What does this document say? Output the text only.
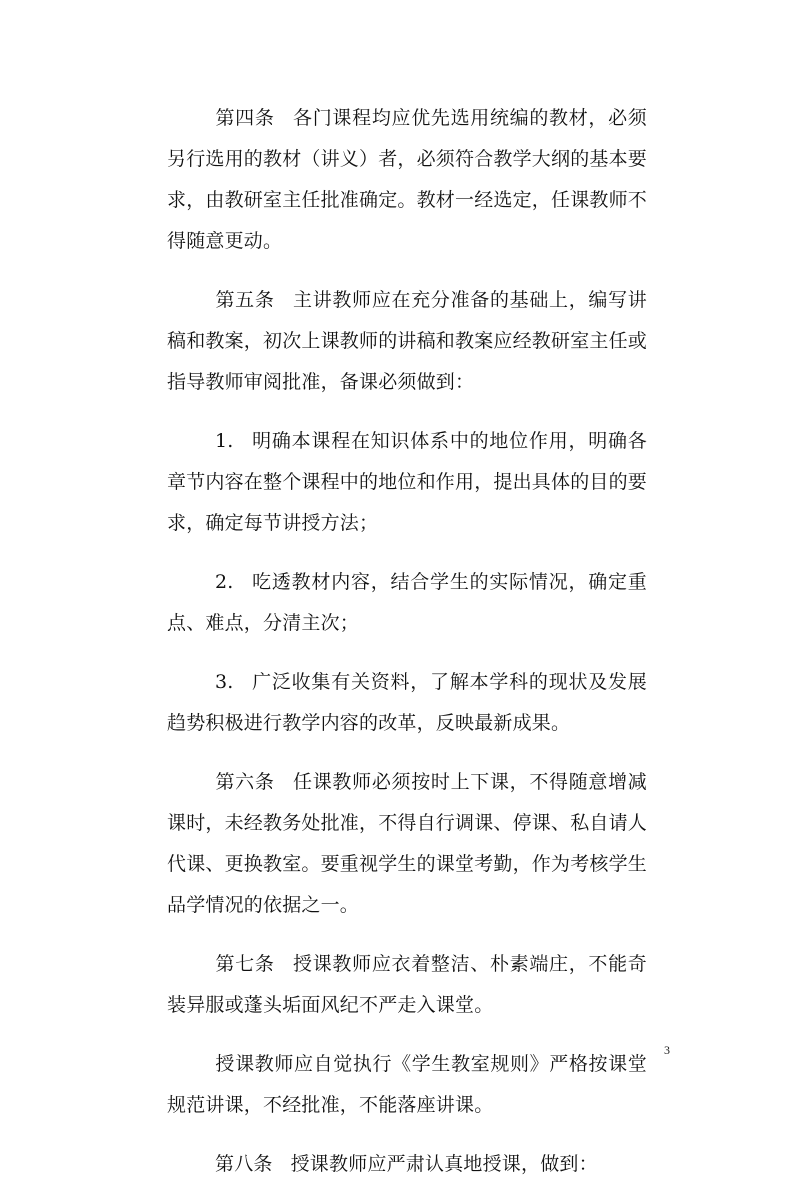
第四条 各门课程均应优先选用统编的教材，必须另行选用的教材（讲义）者，必须符合教学大纲的基本要求，由教研室主任批准确定。教材一经选定，任课教师不得随意更动。

第五条 主讲教师应在充分准备的基础上，编写讲稿和教案，初次上课教师的讲稿和教案应经教研室主任或指导教师审阅批准，备课必须做到：

1. 明确本课程在知识体系中的地位作用，明确各章节内容在整个课程中的地位和作用，提出具体的目的要求，确定每节讲授方法；

2. 吃透教材内容，结合学生的实际情况，确定重点、难点，分清主次；

3. 广泛收集有关资料，了解本学科的现状及发展趋势积极进行教学内容的改革，反映最新成果。

第六条 任课教师必须按时上下课，不得随意增减课时，未经教务处批准，不得自行调课、停课、私自请人代课、更换教室。要重视学生的课堂考勤，作为考核学生品学情况的依据之一。

第七条 授课教师应衣着整洁、朴素端庄，不能奇装异服或蓬头垢面风纪不严走入课堂。

授课教师应自觉执行《学生教室规则》严格按课堂规范讲课，不经批准，不能落座讲课。

第八条 授课教师应严肃认真地授课，做到：

3
